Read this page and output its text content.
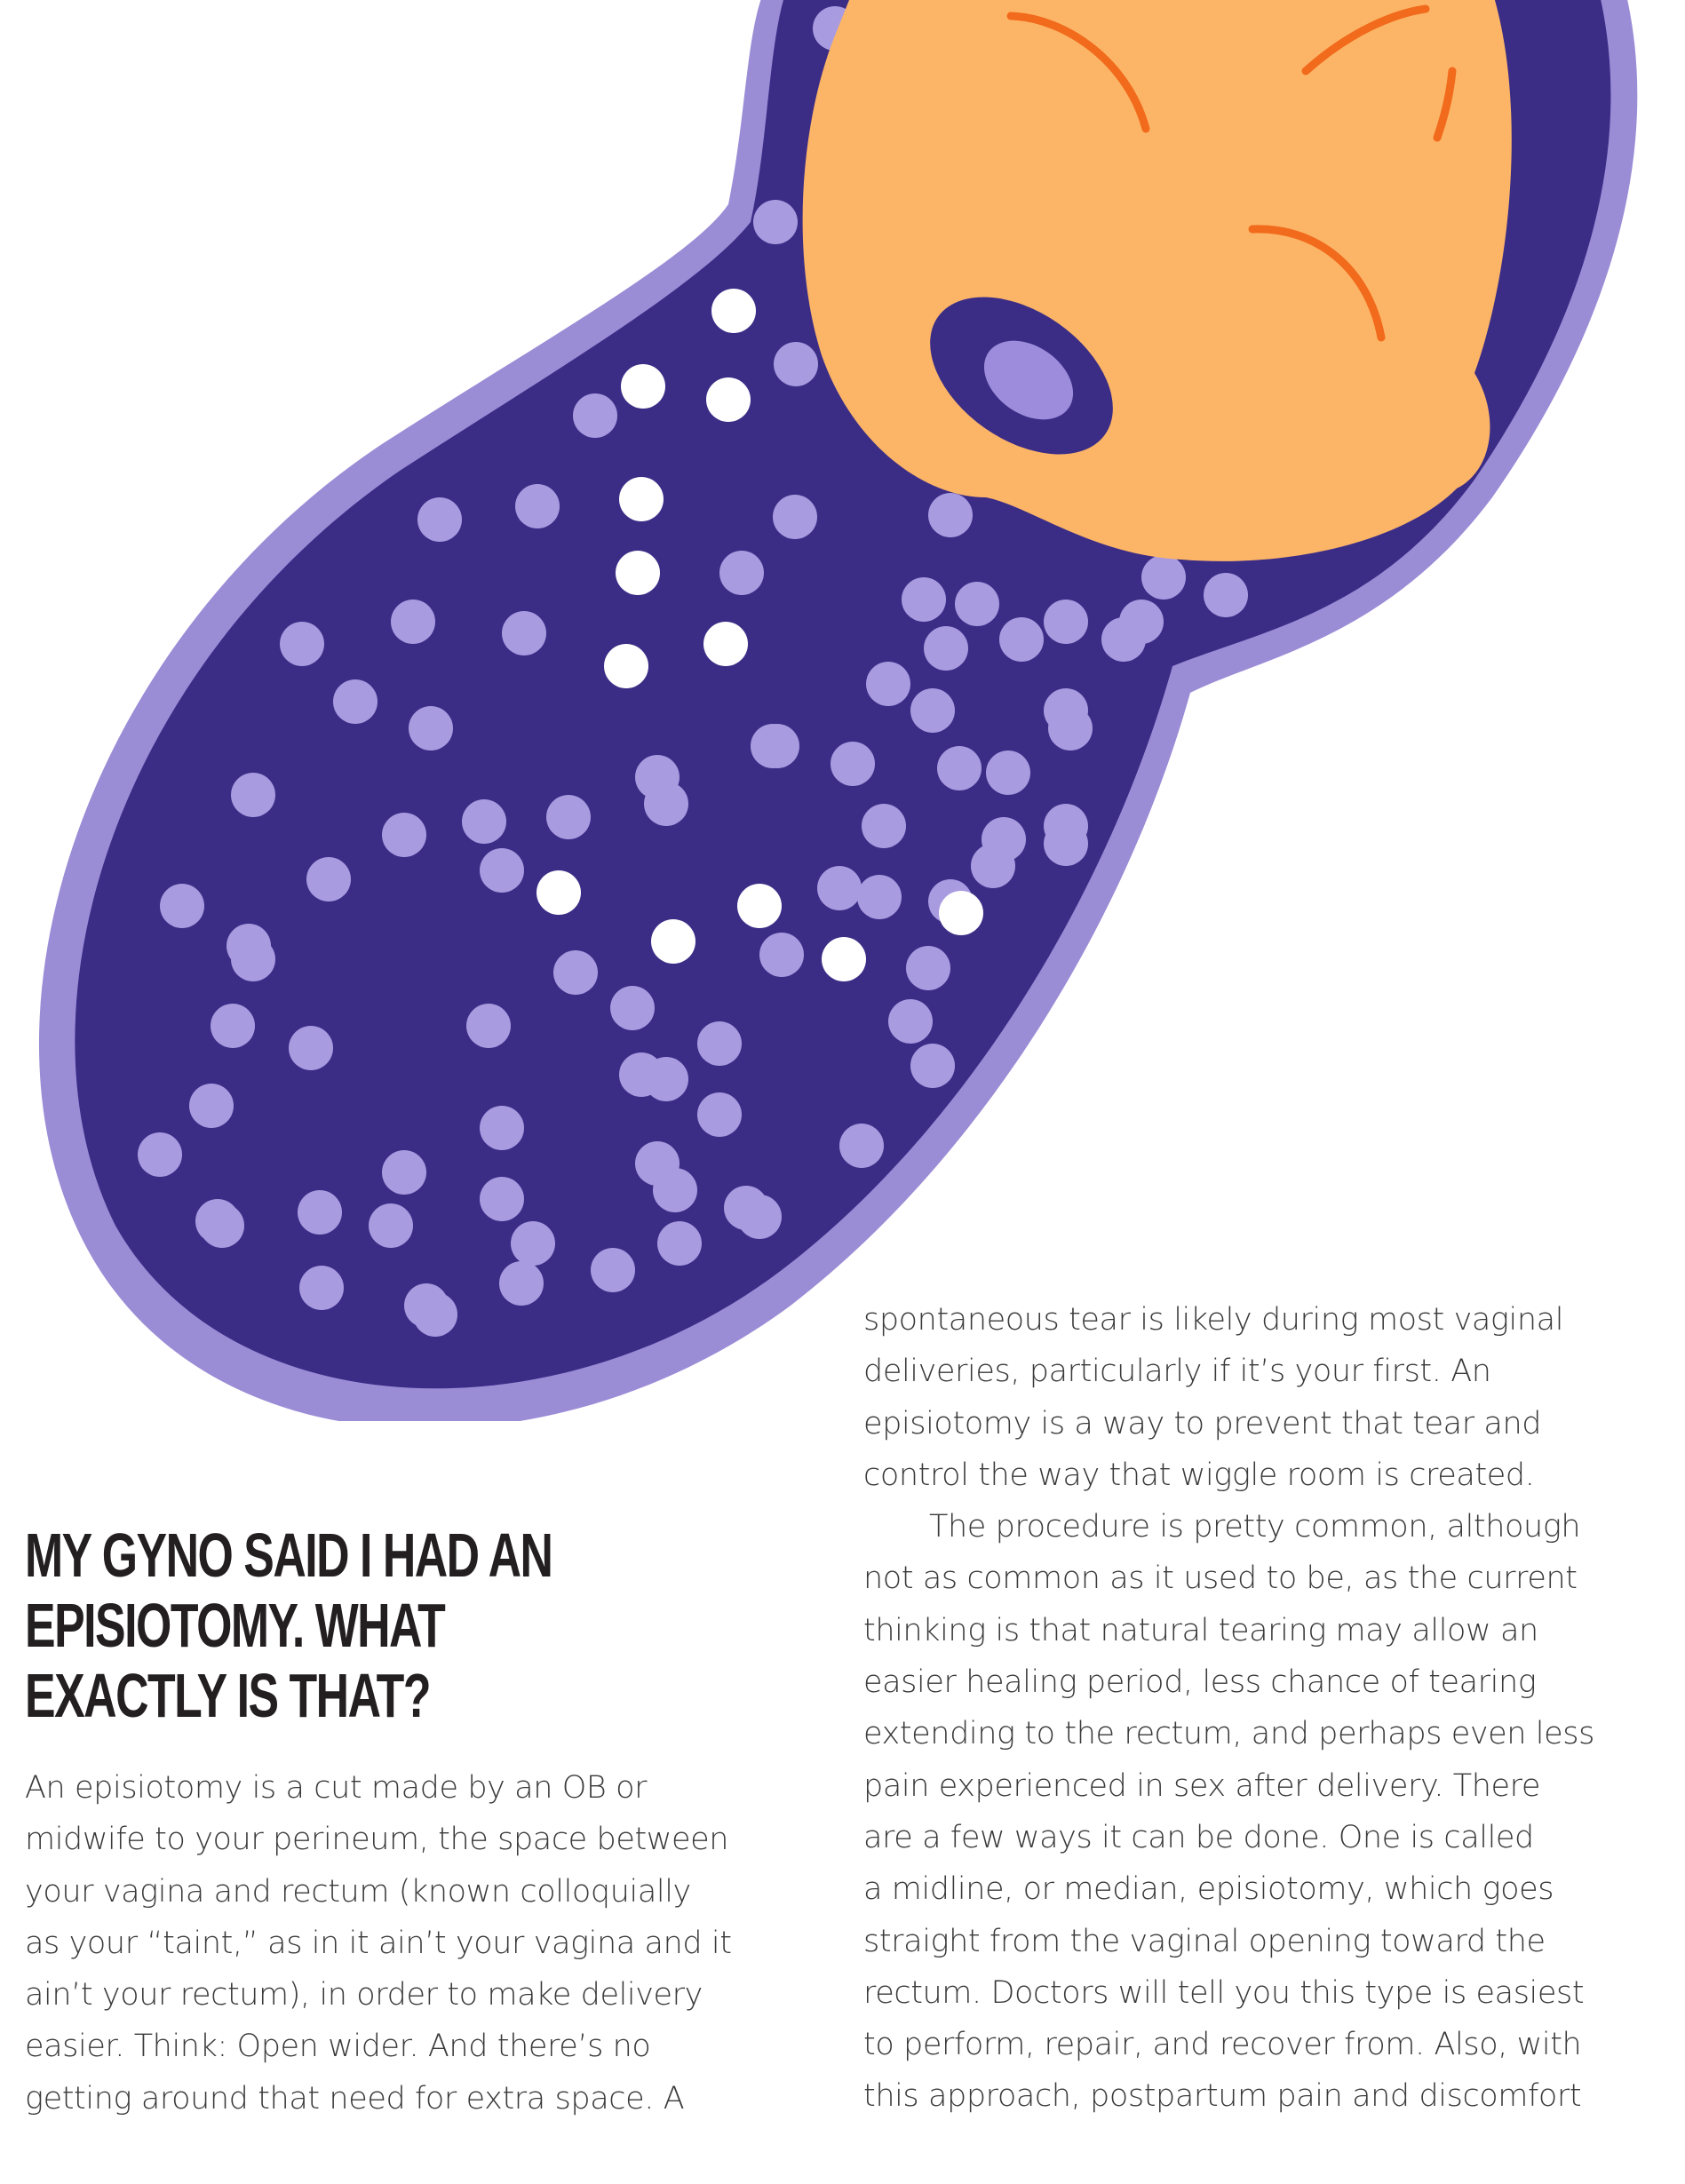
MY GYNO SAID I HAD AN
EPISIOTOMY. WHAT
EXACTLY IS THAT?
An episiotomy is a cut made by an OB or
midwife to your perineum, the space between
your vagina and rectum (known colloquially
as your “taint,” as in it ain’t your vagina and it
ain’t your rectum), in order to make delivery
easier. Think: Open wider. And there’s no
getting around that need for extra space. A
spontaneous tear is likely during most vaginal
deliveries, particularly if it’s your first. An
episiotomy is a way to prevent that tear and
control the way that wiggle room is created.
The procedure is pretty common, although
not as common as it used to be, as the current
thinking is that natural tearing may allow an
easier healing period, less chance of tearing
extending to the rectum, and perhaps even less
pain experienced in sex after delivery. There
are a few ways it can be done. One is called
a midline, or median, episiotomy, which goes
straight from the vaginal opening toward the
rectum. Doctors will tell you this type is easiest
to perform, repair, and recover from. Also, with
this approach, postpartum pain and discomfort
